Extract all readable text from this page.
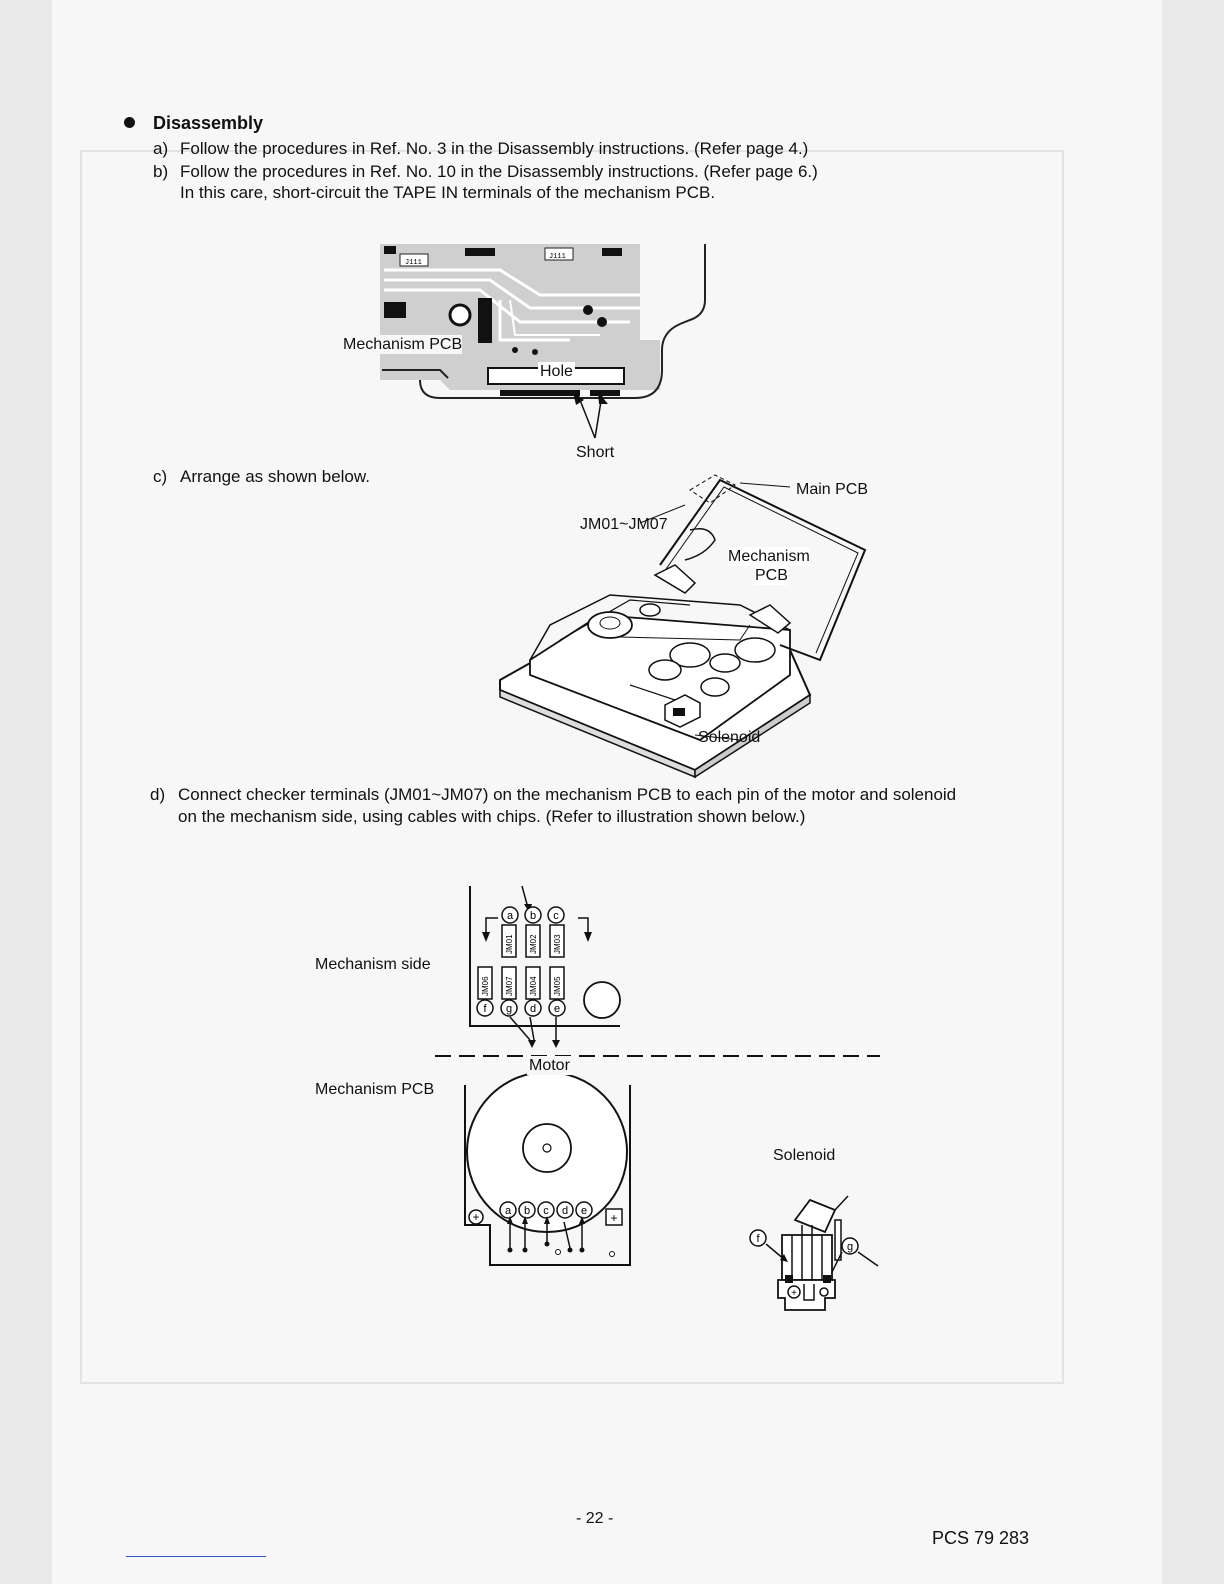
Disassembly
a) Follow the procedures in Ref. No. 3 in the Disassembly instructions. (Refer page 4.)
b) Follow the procedures in Ref. No. 10 in the Disassembly instructions. (Refer page 6.)
In this care, short-circuit the TAPE IN terminals of the mechanism PCB.
J111
J111
Mechanism PCB
Hole
Short
c) Arrange as shown below.
Main PCB
JM01~JM07
Mechanism
PCB
Solenoid
d) Connect checker terminals (JM01~JM07) on the mechanism PCB to each pin of the motor and solenoid
on the mechanism side, using cables with chips. (Refer to illustration shown below.)
a b c
JM01 JM02 JM03
JM06 JM07 JM04 JM05
f g d e
a b c d e
+	+
+
f
g
Mechanism side
Motor
Mechanism PCB
Solenoid
- 22 -
PCS 79 283
